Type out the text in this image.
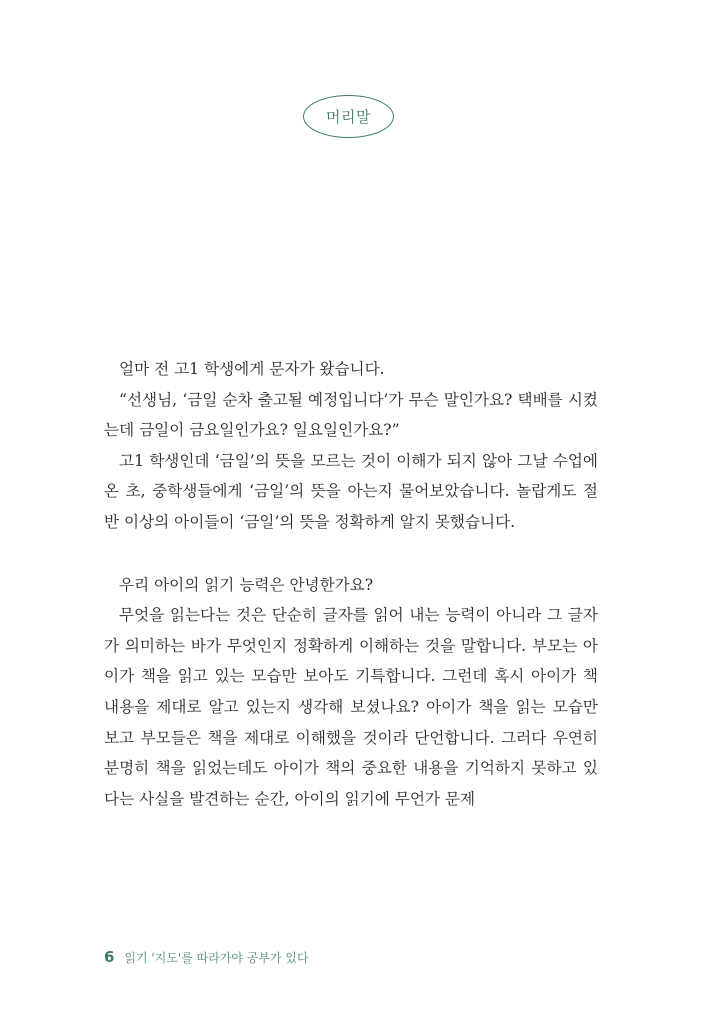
머리말

얼마 전 고1 학생에게 문자가 왔습니다.

“선생님, ‘금일 순차 출고될 예정입니다’가 무슨 말인가요? 택배를 시켰는데 금일이 금요일인가요? 일요일인가요?”

고1 학생인데 ‘금일’의 뜻을 모르는 것이 이해가 되지 않아 그날 수업에 온 초, 중학생들에게 ‘금일’의 뜻을 아는지 물어보았습니다. 놀랍게도 절반 이상의 아이들이 ‘금일’의 뜻을 정확하게 알지 못했습니다.

우리 아이의 읽기 능력은 안녕한가요?

무엇을 읽는다는 것은 단순히 글자를 읽어 내는 능력이 아니라 그 글자가 의미하는 바가 무엇인지 정확하게 이해하는 것을 말합니다. 부모는 아이가 책을 읽고 있는 모습만 보아도 기특합니다. 그런데 혹시 아이가 책 내용을 제대로 알고 있는지 생각해 보셨나요? 아이가 책을 읽는 모습만 보고 부모들은 책을 제대로 이해했을 것이라 단언합니다. 그러다 우연히 분명히 책을 읽었는데도 아이가 책의 중요한 내용을 기억하지 못하고 있다는 사실을 발견하는 순간, 아이의 읽기에 무언가 문제

6 읽기 '지도'를 따라가야 공부가 있다
